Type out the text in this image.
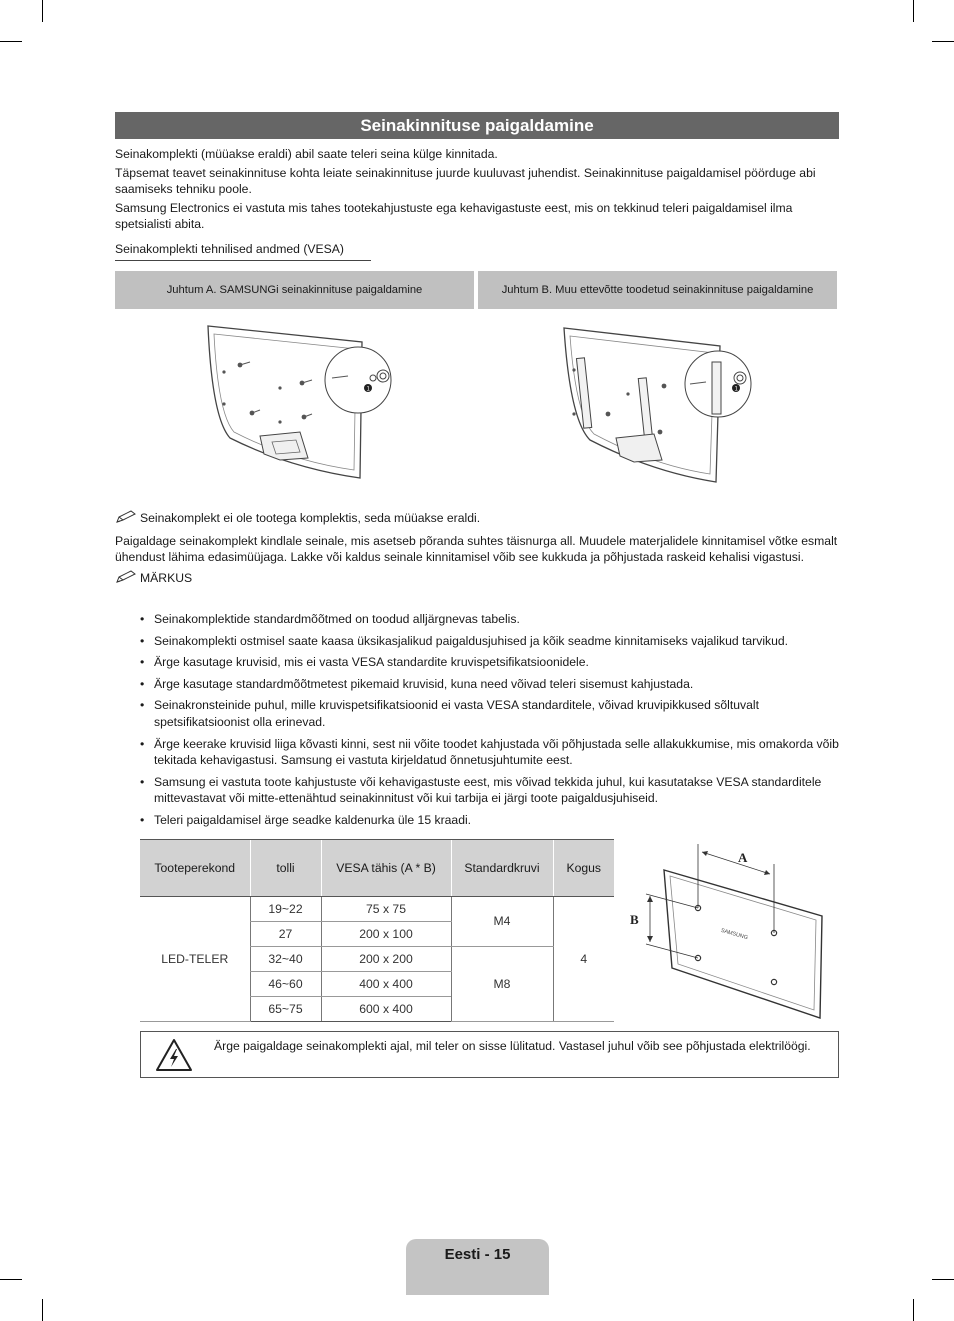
Seinakinnituse paigaldamine

Seinakomplekti (müüakse eraldi) abil saate teleri seina külge kinnitada.

Täpsemat teavet seinakinnituse kohta leiate seinakinnituse juurde kuuluvast juhendist. Seinakinnituse paigaldamisel pöörduge abi saamiseks tehniku poole.

Samsung Electronics ei vastuta mis tahes tootekahjustuste ega kehavigastuste eest, mis on tekkinud teleri paigaldamisel ilma spetsialisti abita.

Seinakomplekti tehnilised andmed (VESA)
Juhtum A. SAMSUNGi seinakinnituse paigaldamine	Juhtum B. Muu ettevõtte toodetud seinakinnituse paigaldamine
1	1
Seinakomplekt ei ole tootega komplektis, seda müüakse eraldi.

Paigaldage seinakomplekt kindlale seinale, mis asetseb põranda suhtes täisnurga all. Muudele materjalidele kinnitamisel võtke esmalt ühendust lähima edasimüüjaga. Lakke või kaldus seinale kinnitamisel võib see kukkuda ja põhjustada raskeid kehalisi vigastusi.

MÄRKUS
• Seinakomplektide standardmõõtmed on toodud alljärgnevas tabelis.
• Seinakomplekti ostmisel saate kaasa üksikasjalikud paigaldusjuhised ja kõik seadme kinnitamiseks vajalikud tarvikud.
• Ärge kasutage kruvisid, mis ei vasta VESA standardite kruvispetsifikatsioonidele.
• Ärge kasutage standardmõõtmetest pikemaid kruvisid, kuna need võivad teleri sisemust kahjustada.
• Seinakronsteinide puhul, mille kruvispetsifikatsioonid ei vasta VESA standarditele, võivad kruvipikkused sõltuvalt spetsifikatsioonist olla erinevad.
• Ärge keerake kruvisid liiga kõvasti kinni, sest nii võite toodet kahjustada või põhjustada selle allakukkumise, mis omakorda võib tekitada kehavigastusi. Samsung ei vastuta kirjeldatud õnnetusjuhtumite eest.
• Samsung ei vastuta toote kahjustuste või kehavigastuste eest, mis võivad tekkida juhul, kui kasutatakse VESA standarditele mittevastavat või mitte-ettenähtud seinakinnitust või kui tarbija ei järgi toote paigaldusjuhiseid.
• Teleri paigaldamisel ärge seadke kaldenurka üle 15 kraadi.
Tooteperekond	tolli	VESA tähis (A * B)	Standardkruvi	Kogus
LED-TELER	19~22	75 x 75	M4	4
	27	200 x 100		
	32~40	200 x 200	M8	
	46~60	400 x 400		
	65~75	600 x 400		
A
B
SAMSUNG
Ärge paigaldage seinakomplekti ajal, mil teler on sisse lülitatud. Vastasel juhul võib see põhjustada elektrilöögi.
Eesti - 15
